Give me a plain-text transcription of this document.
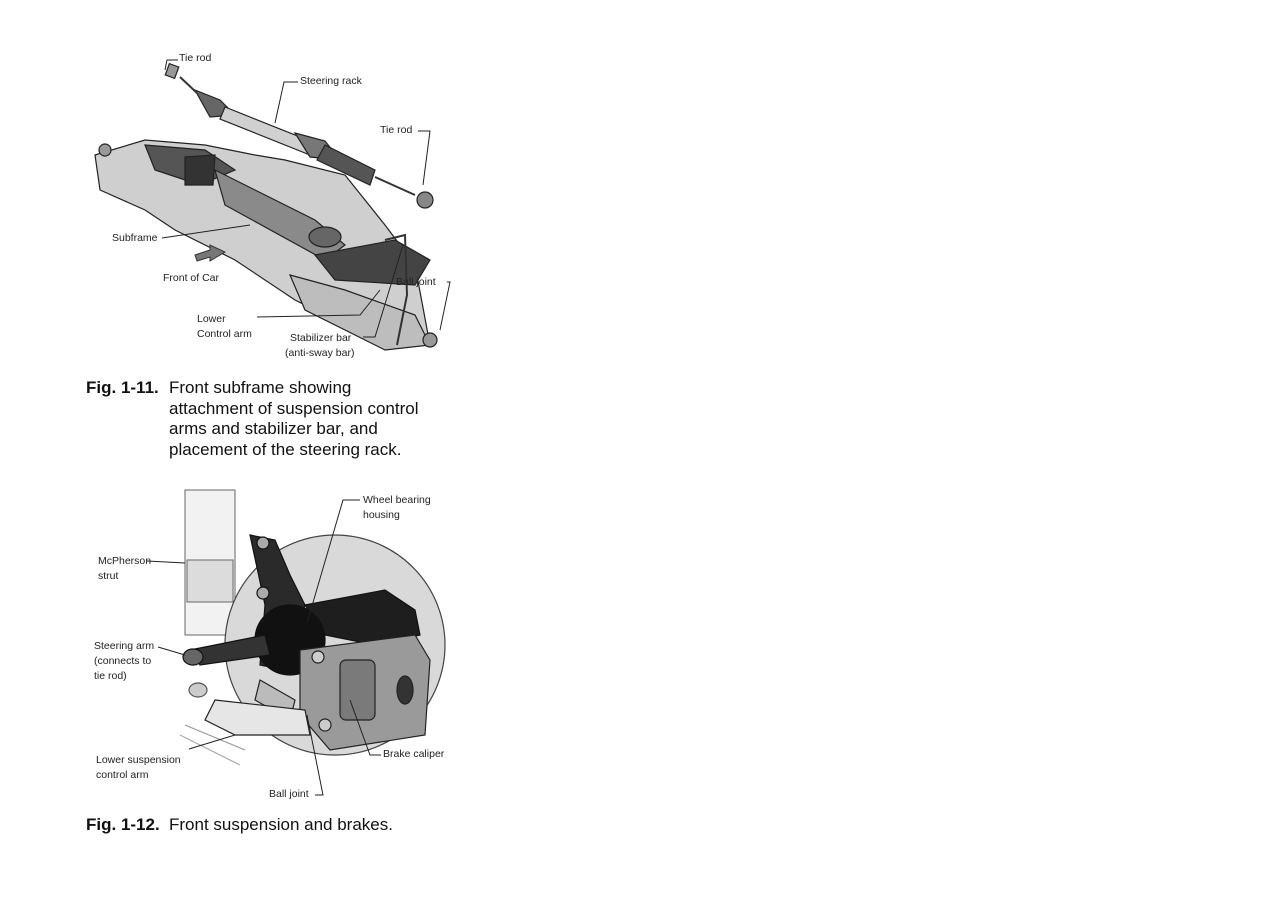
Tie rod
Steering rack
Tie rod
Subframe
Front of Car
Lower
Control arm	Stabilizer bar
(anti-sway bar)
Ball joint
Fig. 1-11. Front subframe showing
attachment of suspension control
arms and stabilizer bar, and
placement of the steering rack.
Wheel bearing
housing
McPherson
strut
Steering arm
(connects to
tie rod)
Lower suspension
control arm
Brake caliper
Ball joint
Fig. 1-12. Front suspension and brakes.
